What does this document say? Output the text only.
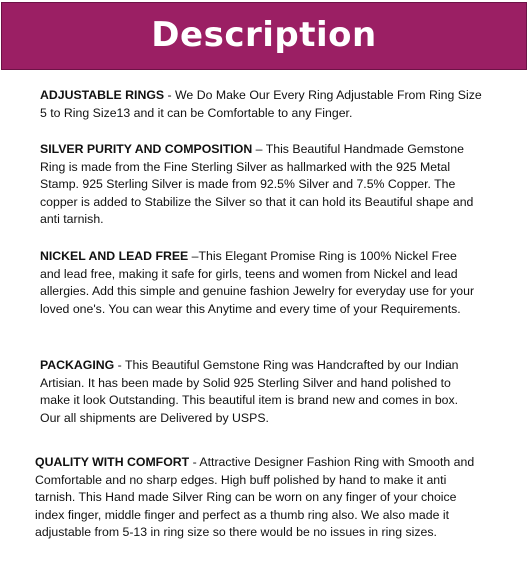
Description

ADJUSTABLE RINGS - We Do Make Our Every Ring Adjustable From Ring Size 5 to Ring Size13 and it can be Comfortable to any Finger.

SILVER PURITY AND COMPOSITION – This Beautiful Handmade Gemstone Ring is made from the Fine Sterling Silver as hallmarked with the 925 Metal Stamp. 925 Sterling Silver is made from 92.5% Silver and 7.5% Copper. The copper is added to Stabilize the Silver so that it can hold its Beautiful shape and anti tarnish.

NICKEL AND LEAD FREE –This Elegant Promise Ring is 100% Nickel Free and lead free, making it safe for girls, teens and women from Nickel and lead allergies. Add this simple and genuine fashion Jewelry for everyday use for your loved one's. You can wear this Anytime and every time of your Requirements.

PACKAGING - This Beautiful Gemstone Ring was Handcrafted by our Indian Artisian. It has been made by Solid 925 Sterling Silver and hand polished to make it look Outstanding. This beautiful item is brand new and comes in box. Our all shipments are Delivered by USPS.

QUALITY WITH COMFORT - Attractive Designer Fashion Ring with Smooth and Comfortable and no sharp edges. High buff polished by hand to make it anti tarnish. This Hand made Silver Ring can be worn on any finger of your choice index finger, middle finger and perfect as a thumb ring also. We also made it adjustable from 5-13 in ring size so there would be no issues in ring sizes.
